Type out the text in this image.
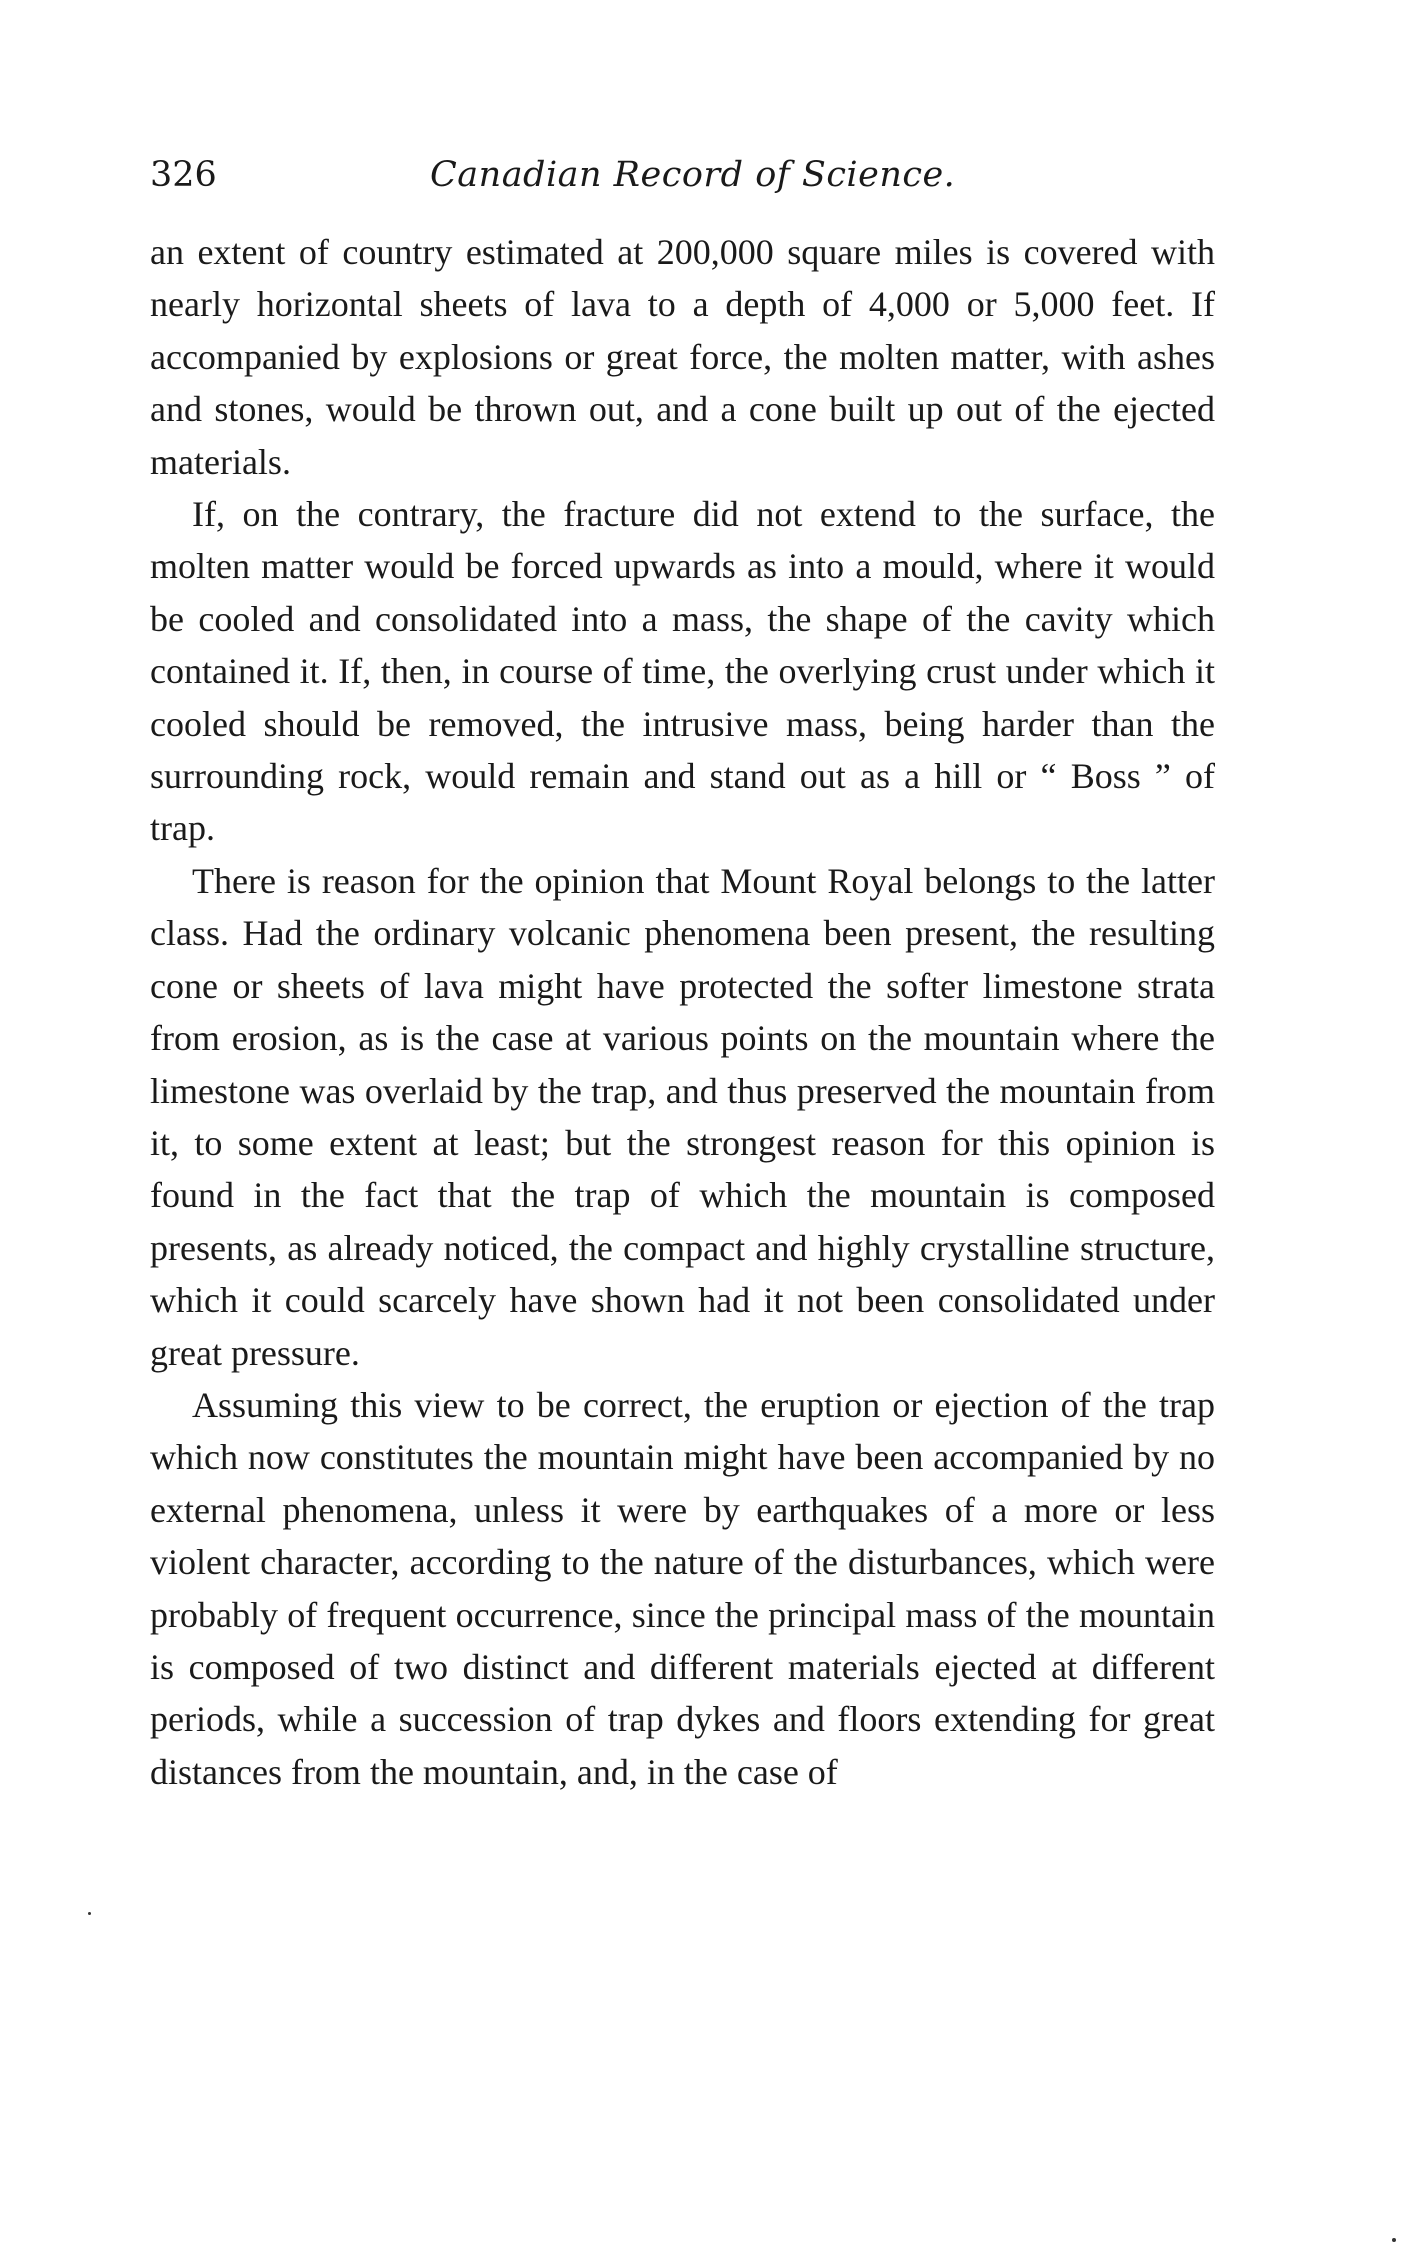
326	Canadian Record of Science.

an extent of country estimated at 200,000 square miles is covered with nearly horizontal sheets of lava to a depth of 4,000 or 5,000 feet. If accompanied by explosions or great force, the molten matter, with ashes and stones, would be thrown out, and a cone built up out of the ejected materials.

If, on the contrary, the fracture did not extend to the surface, the molten matter would be forced upwards as into a mould, where it would be cooled and consolidated into a mass, the shape of the cavity which contained it. If, then, in course of time, the overlying crust under which it cooled should be removed, the intrusive mass, being harder than the surrounding rock, would remain and stand out as a hill or “ Boss ” of trap.

There is reason for the opinion that Mount Royal belongs to the latter class. Had the ordinary volcanic phenomena been present, the resulting cone or sheets of lava might have protected the softer limestone strata from erosion, as is the case at various points on the mountain where the limestone was overlaid by the trap, and thus preserved the mountain from it, to some extent at least; but the strongest reason for this opinion is found in the fact that the trap of which the mountain is composed presents, as already noticed, the compact and highly crystalline structure, which it could scarcely have shown had it not been consolidated under great pressure.

Assuming this view to be correct, the eruption or ejection of the trap which now constitutes the mountain might have been accompanied by no external phenomena, unless it were by earthquakes of a more or less violent character, according to the nature of the disturbances, which were probably of frequent occurrence, since the principal mass of the mountain is composed of two distinct and different materials ejected at different periods, while a succession of trap dykes and floors extending for great distances from the mountain, and, in the case of
